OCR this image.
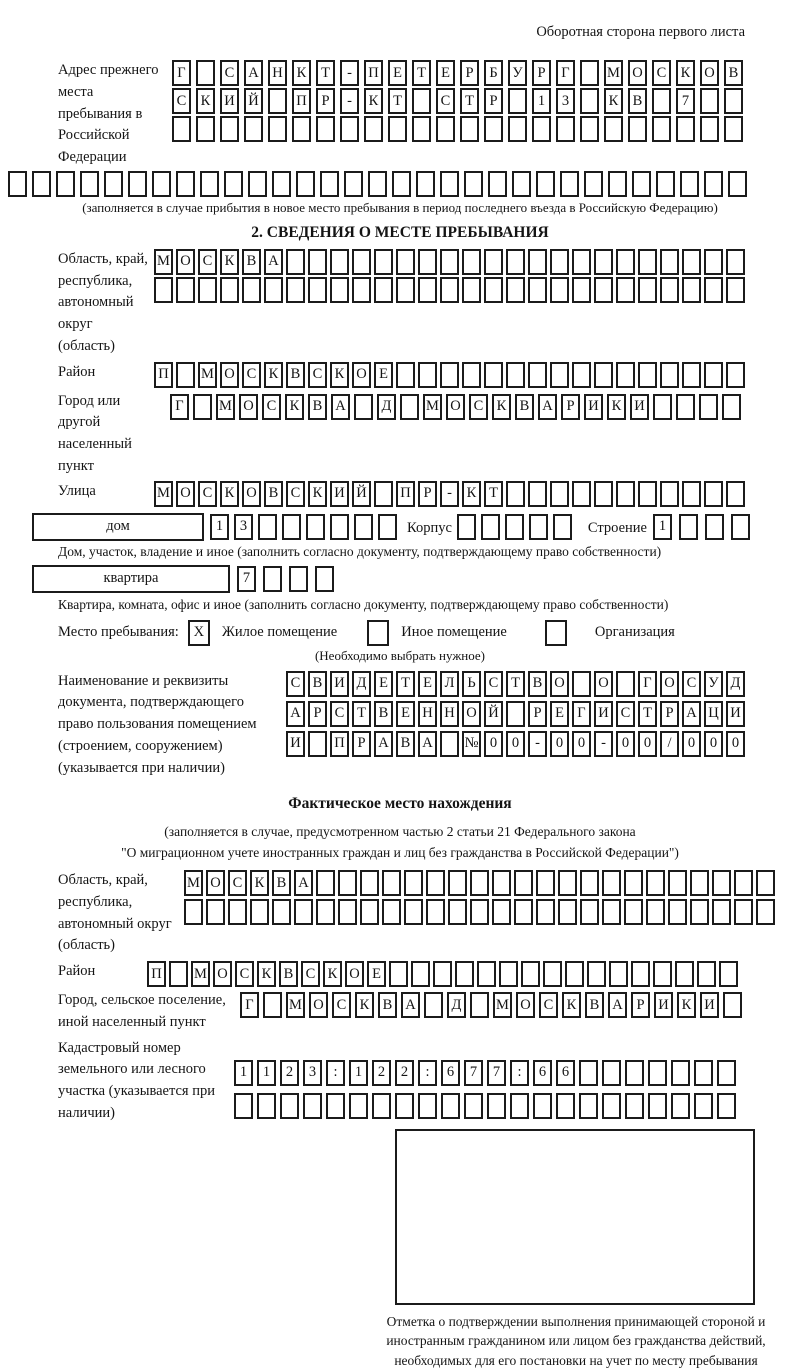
Оборотная сторона первого листа
Адрес прежнего места пребывания в Российской Федерации
Г	С А Н К	Т	-	П Е	Т	Е	Р	Б	У	Р	Г	М О С К О В
С К И Й	П	Р	-	К	Т	С	Т	Р	1	3	К В	7
(заполняется в случае прибытия в новое место пребывания в период последнего въезда в Российскую Федерацию)
2. СВЕДЕНИЯ О МЕСТЕ ПРЕБЫВАНИЯ
Область, край, республика, автономный округ (область)
М О С К В А
Район	П М О С К В С К О Е
Город или другой населенный пункт
Г	М О С К В А	Д	М О С К В А Р И К И
Улица	М О С К О В С К И Й П Р	-	К Т
дом	1	3	Корпус	Строение 1
Дом, участок, владение и иное (заполнить согласно документу, подтверждающему право собственности)
квартира	7
Квартира, комната, офис и иное (заполнить согласно документу, подтверждающему право собственности)
Место пребывания:	X	Жилое помещение	Иное помещение	Организация
(Необходимо выбрать нужное)
Наименование и реквизиты документа, подтверждающего право пользования помещением (строением, сооружением) (указывается при наличии)
С В И Д Е Т Е Л Ь С Т В О О	Г О С У Д
А Р С Т В Е Н Н О Й	Р Е Г И С Т Р А Ц И
И П Р А В А № 0	0	-	0	0	-	0	0	/	0	0	0
Фактическое место нахождения
(заполняется в случае, предусмотренном частью 2 статьи 21 Федерального закона
"О миграционном учете иностранных граждан и лиц без гражданства в Российской Федерации")
Область, край, республика, автономный округ (область)
М О С К В А
Район	П М О С К В С К О Е
Город, сельское поселение, иной населенный пункт
Г	М О С К В А	Д	М О С К В А Р И К И
Кадастровый номер земельного или лесного участка (указывается при наличии)
1	1	2	3	:	1	2	2	:	6	7	7	:	6	6
Отметка о подтверждении выполнения принимающей стороной и иностранным гражданином или лицом без гражданства действий, необходимых для его постановки на учет по месту пребывания
